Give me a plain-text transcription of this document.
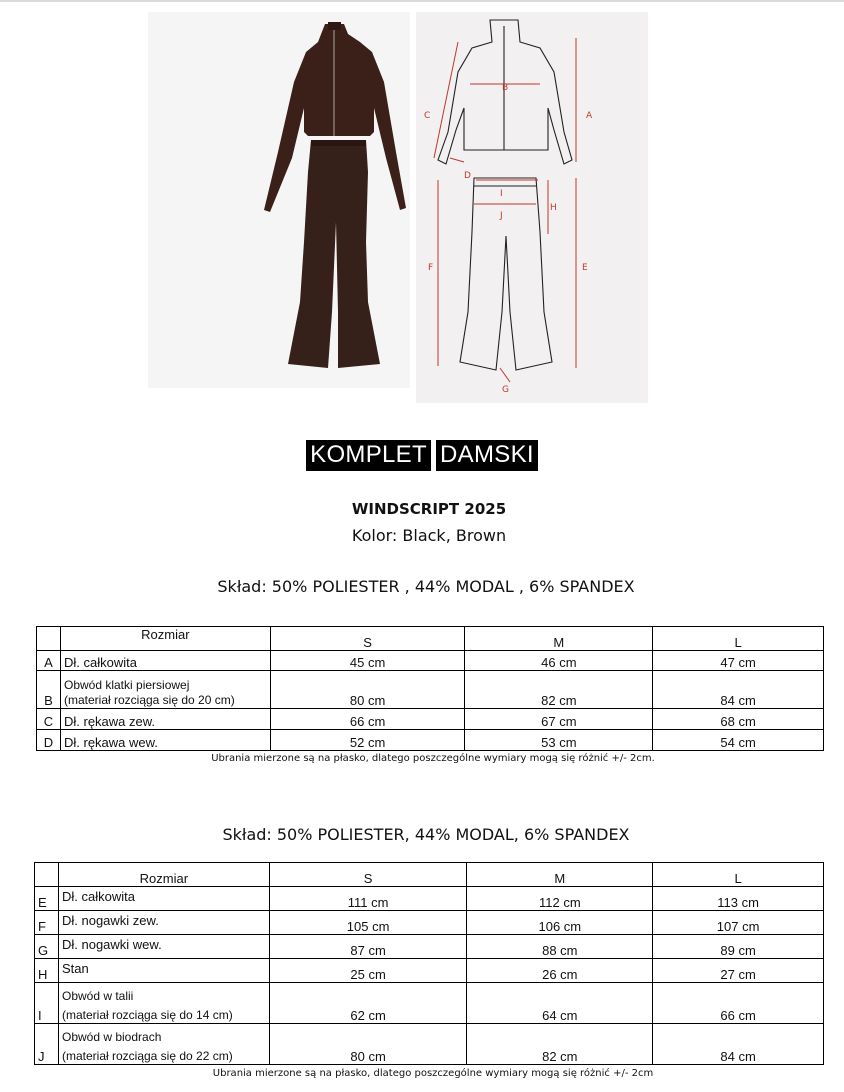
A
B
C
D
E
F
G
H
I
J
KOMPLET DAMSKI
WINDSCRIPT 2025
Kolor: Black, Brown
Skład: 50% POLIESTER , 44% MODAL , 6% SPANDEX
	Rozmiar	S	M	L
A	Dł. całkowita	45 cm	46 cm	47 cm
B	Obwód klatki piersiowej
(materiał rozciąga się do 20 cm)	80 cm	82 cm	84 cm
C	Dł. rękawa zew.	66 cm	67 cm	68 cm
D	Dł. rękawa wew.	52 cm	53 cm	54 cm
Ubrania mierzone są na płasko, dlatego poszczególne wymiary mogą się różnić +/- 2cm.
Skład: 50% POLIESTER, 44% MODAL, 6% SPANDEX
	Rozmiar	S	M	L
E	Dł. całkowita	111 cm	112 cm	113 cm
F	Dł. nogawki zew.	105 cm	106 cm	107 cm
G	Dł. nogawki wew.	87 cm	88 cm	89 cm
H	Stan	25 cm	26 cm	27 cm
I	Obwód w talii
(materiał rozciąga się do 14 cm)	62 cm	64 cm	66 cm
J	Obwód w biodrach
(materiał rozciąga się do 22 cm)	80 cm	82 cm	84 cm
Ubrania mierzone są na płasko, dlatego poszczególne wymiary mogą się różnić +/- 2cm
